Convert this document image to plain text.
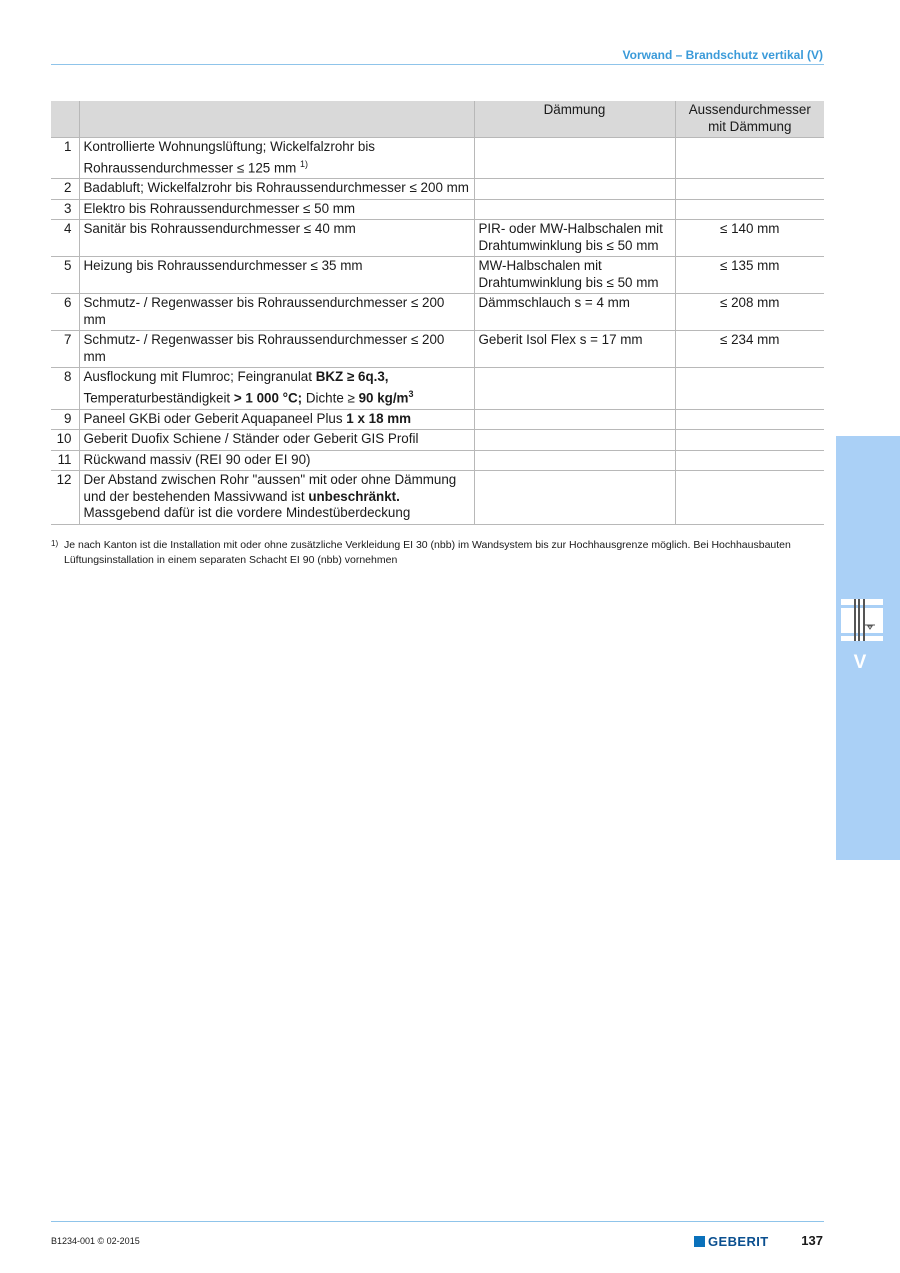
Vorwand – Brandschutz vertikal (V)
		Dämmung	Aussendurchmesser mit Dämmung
1	Kontrollierte Wohnungslüftung; Wickelfalzrohr bis Rohraussendurchmesser ≤ 125 mm $^{1)}$		
2	Badabluft; Wickelfalzrohr bis Rohraussendurchmesser ≤ 200 mm		
3	Elektro bis Rohraussendurchmesser ≤ 50 mm		
4	Sanitär bis Rohraussendurchmesser ≤ 40 mm	PIR- oder MW-Halbschalen mit Drahtumwinklung bis ≤ 50 mm	≤ 140 mm
5	Heizung bis Rohraussendurchmesser ≤ 35 mm	MW-Halbschalen mit Drahtumwinklung bis ≤ 50 mm	≤ 135 mm
6	Schmutz- / Regenwasser bis Rohraussendurchmesser ≤ 200 mm	Dämmschlauch s = 4 mm	≤ 208 mm
7	Schmutz- / Regenwasser bis Rohraussendurchmesser ≤ 200 mm	Geberit Isol Flex s = 17 mm	≤ 234 mm
8	Ausflockung mit Flumroc; Feingranulat BKZ ≥ 6q.3,
Temperaturbeständigkeit > 1 000 °C; Dichte ≥ 90 $kg/m^3$		
9	Paneel GKBi oder Geberit Aquapaneel Plus 1 x 18 mm		
10	Geberit Duofix Schiene / Ständer oder Geberit GIS Profil		
11	Rückwand massiv (REI 90 oder EI 90)		
12	Der Abstand zwischen Rohr "aussen" mit oder ohne Dämmung und der bestehenden Massivwand ist unbeschränkt.
Massgebend dafür ist die vordere Mindestüberdeckung		
1) Je nach Kanton ist die Installation mit oder ohne zusätzliche Verkleidung EI 30 (nbb) im Wandsystem bis zur Hochhausgrenze möglich. Bei Hochhausbauten Lüftungsinstallation in einem separaten Schacht EI 90 (nbb) vornehmen
V
B1234-001 © 02-2015	GEBERIT	137
